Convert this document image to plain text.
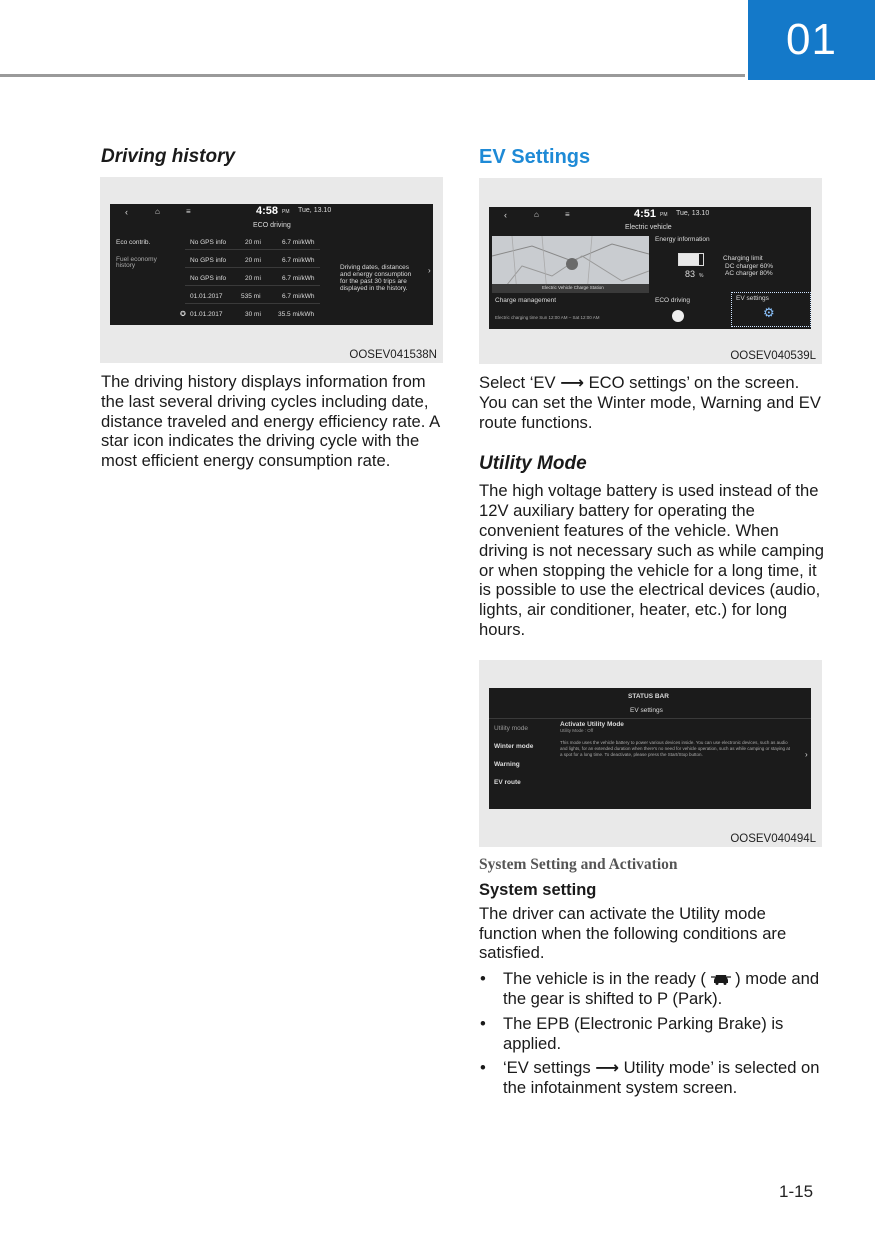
01
Driving history
‹	⌂	≡	4:58 PM Tue, 13.10
ECO driving
Eco contrib.
Fuel economy history
No GPS info	20 mi	6.7 mi/kWh
No GPS info	20 mi	6.7 mi/kWh
No GPS info	20 mi	6.7 mi/kWh
01.01.2017	535 mi	6.7 mi/kWh
✪ 01.01.2017	30 mi	35.5 mi/kWh
Driving dates, distances and energy consumption for the past 30 trips are displayed in the history.
›
OOSEV041538N
The driving history displays information from the last several driving cycles including date, distance traveled and energy efficiency rate. A star icon indicates the driving cycle with the most efficient energy consumption rate.
EV Settings
‹	⌂	≡	4:51 PM Tue, 13.10
Electric vehicle
Electric Vehicle Charge Station
Energy information
83 %
Charging limit
DC charger 60%
AC charger 80%
Charge management
Electric charging time Sun 12:00 AM – Sat 12:00 AM
ECO driving	EV settings
⚙
OOSEV040539L
Select ‘EV ⟶ ECO settings’ on the screen. You can set the Winter mode, Warning and EV route functions.
Utility Mode
The high voltage battery is used instead of the 12V auxiliary battery for operating the convenient features of the vehicle. When driving is not necessary such as while camping or when stopping the vehicle for a long time, it is possible to use the electrical devices (audio, lights, air conditioner, heater, etc.) for long hours.
STATUS BAR
EV settings
Utility mode
Winter mode
Warning
EV route
Activate Utility Mode
Utility Mode : Off
This mode uses the vehicle battery to power various devices inside. You can use electronic devices, such as audio and lights, for an extended duration when there's no need for vehicle operation, such as while camping or staying at a spot for a long time. To deactivate, please press the Start/Stop button.	›
OOSEV040494L
System Setting and Activation
System setting
The driver can activate the Utility mode function when the following conditions are satisfied.
• The vehicle is in the ready ( ) mode and the gear is shifted to P (Park).
• The EPB (Electronic Parking Brake) is applied.
• ‘EV settings ⟶ Utility mode’ is selected on the infotainment system screen.
1-15
